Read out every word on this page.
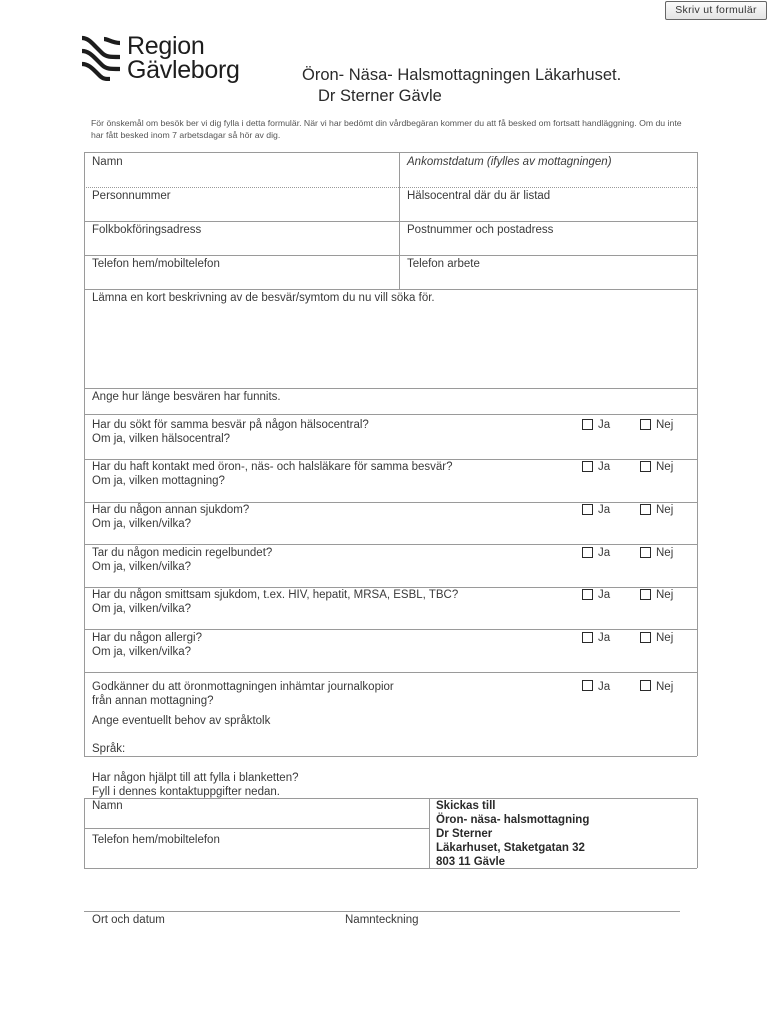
Skriv ut formulär
Region
Gävleborg	Öron- Näsa- Halsmottagningen Läkarhuset.
Dr Sterner Gävle
För önskemål om besök ber vi dig fylla i detta formulär. När vi har bedömt din vårdbegäran kommer du att få besked om fortsatt handläggning. Om du inte har fått besked inom 7 arbetsdagar så hör av dig.
Namn	Ankomstdatum (ifylles av mottagningen)
Personnummer	Hälsocentral där du är listad
Folkbokföringsadress	Postnummer och postadress
Telefon hem/mobiltelefon	Telefon arbete
Lämna en kort beskrivning av de besvär/symtom du nu vill söka för.
Ange hur länge besvären har funnits.
Har du sökt för samma besvär på någon hälsocentral?
Om ja, vilken hälsocentral?
Ja	Nej
Har du haft kontakt med öron-, näs- och halsläkare för samma besvär?
Om ja, vilken mottagning?
Ja	Nej
Har du någon annan sjukdom?
Om ja, vilken/vilka?
Ja	Nej
Tar du någon medicin regelbundet?
Om ja, vilken/vilka?
Ja	Nej
Har du någon smittsam sjukdom, t.ex. HIV, hepatit, MRSA, ESBL, TBC?
Om ja, vilken/vilka?
Ja	Nej
Har du någon allergi?
Om ja, vilken/vilka?
Ja	Nej
Godkänner du att öronmottagningen inhämtar journalkopior
från annan mottagning?
Ja	Nej
Ange eventuellt behov av språktolk
Språk:
Har någon hjälpt till att fylla i blanketten?
Fyll i dennes kontaktuppgifter nedan.
Namn
Telefon hem/mobiltelefon
Skickas till
Öron- näsa- halsmottagning
Dr Sterner
Läkarhuset, Staketgatan 32
803 11 Gävle
Ort och datum	Namnteckning
